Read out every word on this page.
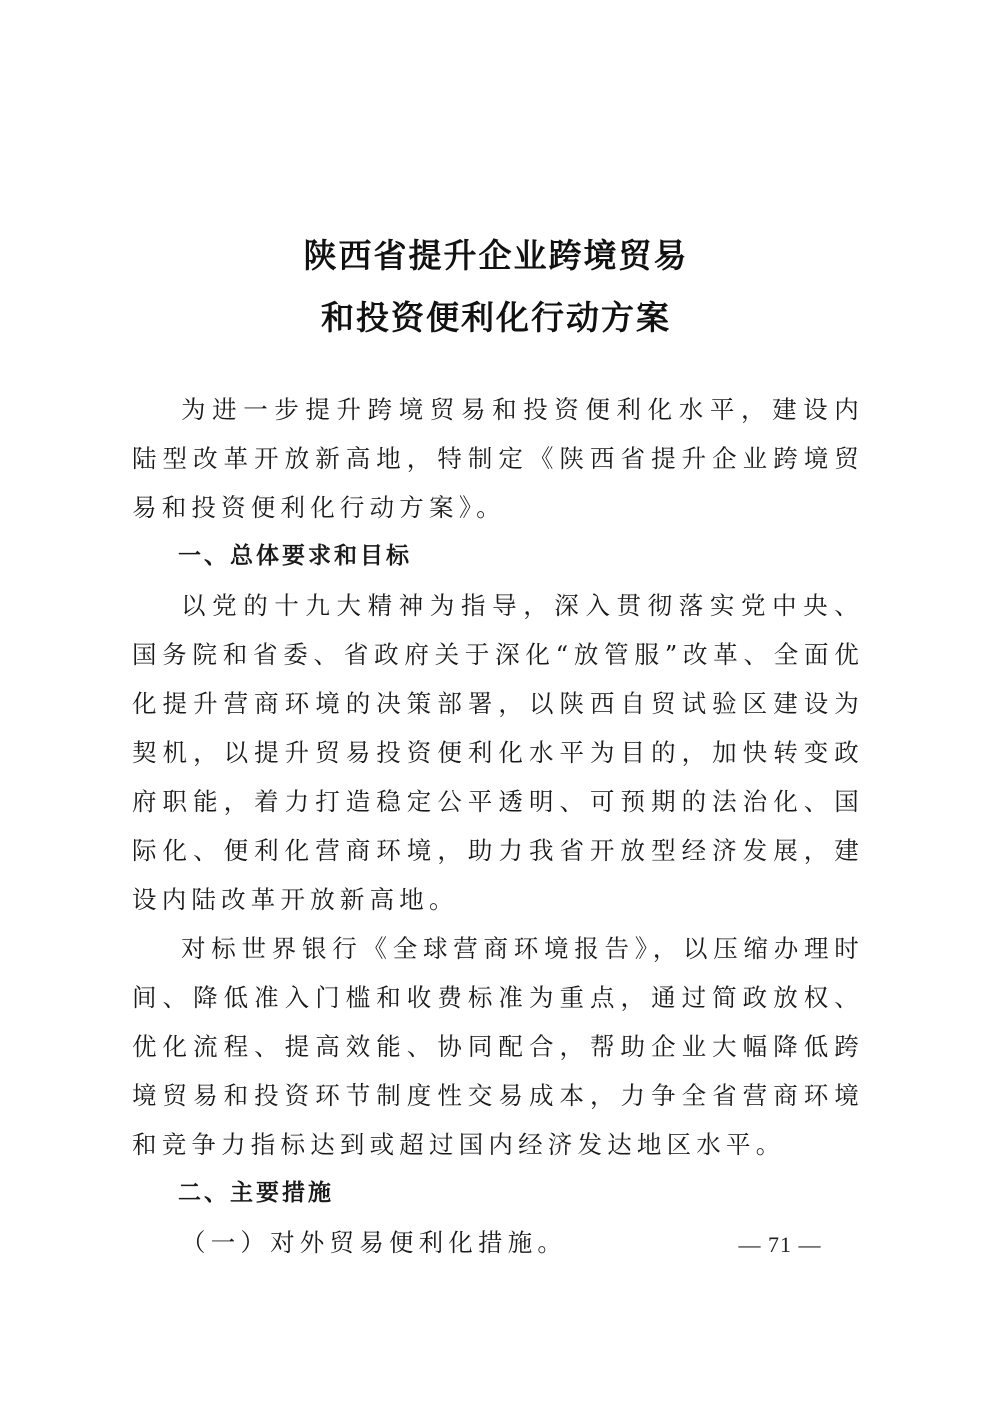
陕西省提升企业跨境贸易
和投资便利化行动方案

为进一步提升跨境贸易和投资便利化水平，建设内陆型改革开放新高地，特制定《陕西省提升企业跨境贸易和投资便利化行动方案》。

一、总体要求和目标

以党的十九大精神为指导，深入贯彻落实党中央、国务院和省委、省政府关于深化“放管服”改革、全面优化提升营商环境的决策部署，以陕西自贸试验区建设为契机，以提升贸易投资便利化水平为目的，加快转变政府职能，着力打造稳定公平透明、可预期的法治化、国际化、便利化营商环境，助力我省开放型经济发展，建设内陆改革开放新高地。

对标世界银行《全球营商环境报告》，以压缩办理时间、降低准入门槛和收费标准为重点，通过简政放权、优化流程、提高效能、协同配合，帮助企业大幅降低跨境贸易和投资环节制度性交易成本，力争全省营商环境和竞争力指标达到或超过国内经济发达地区水平。

二、主要措施

（一）对外贸易便利化措施。	— 71 —
